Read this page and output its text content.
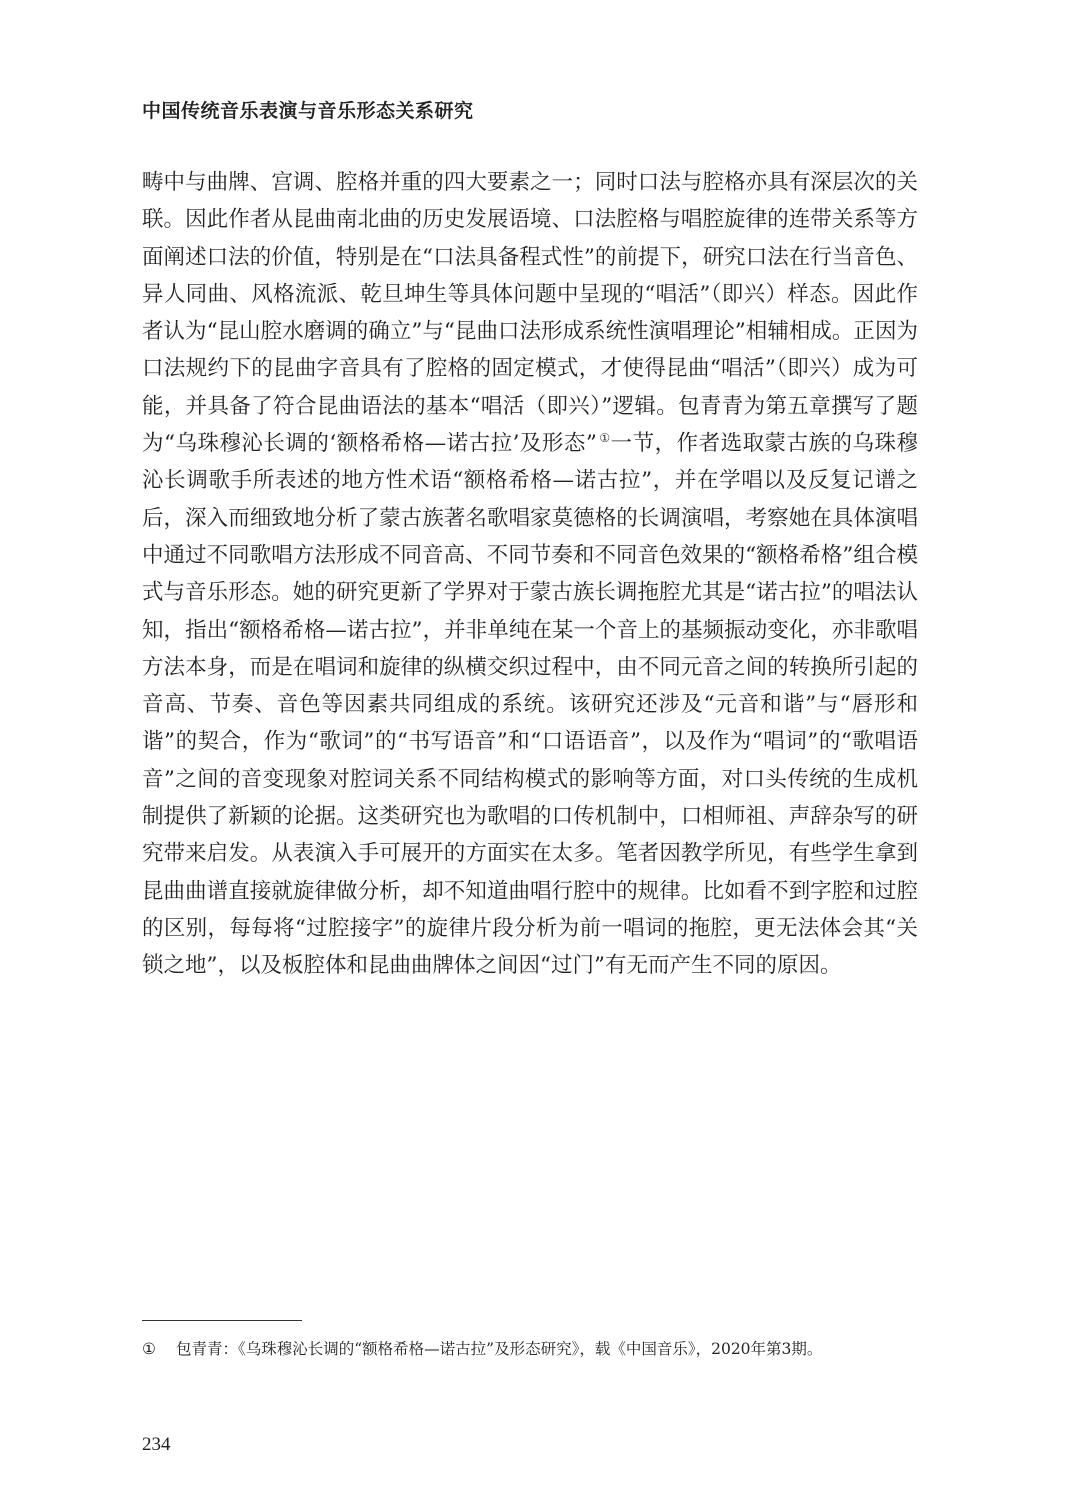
中国传统音乐表演与音乐形态关系研究
畴中与曲牌、宫调、腔格并重的四大要素之一；同时口法与腔格亦具有深层次的关联。因此作者从昆曲南北曲的历史发展语境、口法腔格与唱腔旋律的连带关系等方面阐述口法的价值，特别是在“口法具备程式性”的前提下，研究口法在行当音色、异人同曲、风格流派、乾旦坤生等具体问题中呈现的“唱活”（即兴）样态。因此作者认为“昆山腔水磨调的确立”与“昆曲口法形成系统性演唱理论”相辅相成。正因为口法规约下的昆曲字音具有了腔格的固定模式，才使得昆曲“唱活”（即兴）成为可能，并具备了符合昆曲语法的基本“唱活（即兴）”逻辑。包青青为第五章撰写了题为“乌珠穆沁长调的‘额格希格—诺古拉’及形态” ①一节，作者选取蒙古族的乌珠穆沁长调歌手所表述的地方性术语“额格希格—诺古拉”，并在学唱以及反复记谱之后，深入而细致地分析了蒙古族著名歌唱家莫德格的长调演唱，考察她在具体演唱中通过不同歌唱方法形成不同音高、不同节奏和不同音色效果的“额格希格”组合模式与音乐形态。她的研究更新了学界对于蒙古族长调拖腔尤其是“诺古拉”的唱法认知，指出“额格希格—诺古拉”，并非单纯在某一个音上的基频振动变化，亦非歌唱方法本身，而是在唱词和旋律的纵横交织过程中，由不同元音之间的转换所引起的音高、节奏、音色等因素共同组成的系统。该研究还涉及“元音和谐”与“唇形和谐”的契合，作为“歌词”的“书写语音”和“口语语音”，以及作为“唱词”的“歌唱语音”之间的音变现象对腔词关系不同结构模式的影响等方面，对口头传统的生成机制提供了新颖的论据。这类研究也为歌唱的口传机制中，口相师祖、声辞杂写的研究带来启发。从表演入手可展开的方面实在太多。笔者因教学所见，有些学生拿到昆曲曲谱直接就旋律做分析，却不知道曲唱行腔中的规律。比如看不到字腔和过腔的区别，每每将“过腔接字”的旋律片段分析为前一唱词的拖腔，更无法体会其“关锁之地”，以及板腔体和昆曲曲牌体之间因“过门”有无而产生不同的原因。
① 包青青：《乌珠穆沁长调的“额格希格—诺古拉”及形态研究》，载《中国音乐》，2020年第3期。
234
